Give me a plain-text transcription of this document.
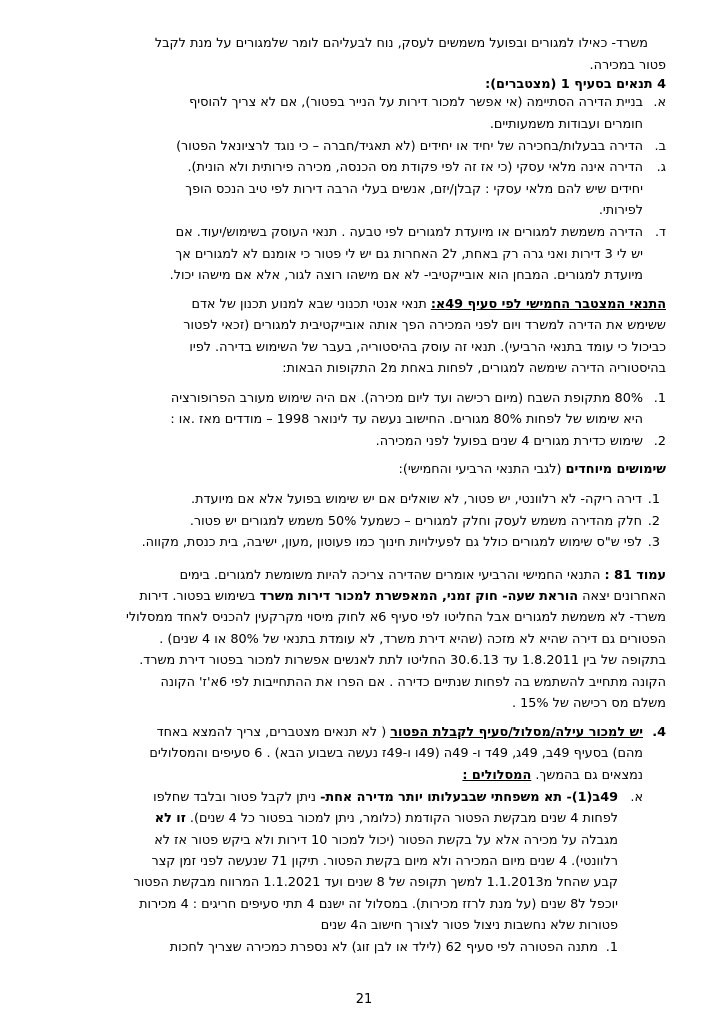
משרד- כאילו למגורים ובפועל משמשים לעסק, נוח לבעליהם לומר שלמגורים על מנת לקבל
פטור במכירה.
4 תנאים בסעיף 1 (מצטברים):
א.
בניית הדירה הסתיימה (אי אפשר למכור דירות על הנייר בפטור), אם לא צריך להוסיף
חומרים ועבודות משמעותיים.
ב.
הדירה בבעלות/בחכירה של יחיד או יחידים (לא תאגיד/חברה – כי נוגד לרציונאל הפטור)
ג.
הדירה אינה מלאי עסקי (כי אז זה לפי פקודת מס הכנסה, מכירה פירותית ולא הונית).
יחידים שיש להם מלאי עסקי : קבלן/יזם, אנשים בעלי הרבה דירות לפי טיב הנכס הופך
לפירותי.
ד.
הדירה משמשת למגורים או מיועדת למגורים לפי טבעה . תנאי העוסק בשימוש/יעוד. אם
יש לי 3 דירות ואני גרה רק באחת, ל2 האחרות גם יש לי פטור כי אומנם לא למגורים אך
מיועדת למגורים. המבחן הוא אובייקטיבי- לא אם מישהו רוצה לגור, אלא אם מישהו יכול.
התנאי המצטבר החמישי לפי סעיף 49א: תנאי אנטי תכנוני שבא למנוע תכנון של אדם
ששימש את הדירה למשרד ויום לפני המכירה הפך אותה אובייקטיבית למגורים (זכאי לפטור
כביכול כי עומד בתנאי הרביעי). תנאי זה עוסק בהיסטוריה, בעבר של השימוש בדירה. לפיו
בהיסטוריה הדירה שימשה למגורים, לפחות באחת מ2 התקופות הבאות:
1.
80% מתקופת השבח (מיום רכישה ועד ליום מכירה). אם היה שימוש מעורב הפרופורציה
היא שימוש של לפחות 80% מגורים. החישוב נעשה עד לינואר 1998 – מודדים מאז .או :
2.
שימוש כדירת מגורים 4 שנים בפועל לפני המכירה.
שימושים מיוחדים (לגבי התנאי הרביעי והחמישי):
1.
דירה ריקה- לא רלוונטי, יש פטור, לא שואלים אם יש שימוש בפועל אלא אם מיועדת.
2.
חלק מהדירה משמש לעסק וחלק למגורים – כשמעל 50% משמש למגורים יש פטור.
3.
לפי ש"ס שימוש למגורים כולל גם לפעילויות חינוך כמו פעוטון ,מעון, ישיבה, בית כנסת, מקווה.
עמוד 81 : התנאי החמישי והרביעי אומרים שהדירה צריכה להיות משומשת למגורים. בימים
האחרונים יצאה הוראת שעה- חוק זמני, המאפשרת למכור דירות משרד בשימוש בפטור. דירות
משרד- לא משמשת למגורים אבל החליטו לפי סעיף 6א לחוק מיסוי מקרקעין להכניס לאחד ממסלולי
הפטורים גם דירה שהיא לא מזכה (שהיא דירת משרד, לא עומדת בתנאי של 80% או 4 שנים) .
בתקופה של בין 1.8.2011 עד 30.6.13 החליטו לתת לאנשים אפשרות למכור בפטור דירת משרד.
הקונה מתחייב להשתמש בה לפחות שנתיים כדירה . אם הפרו את ההתחייבות לפי 6א'ז' הקונה
משלם מס רכישה של 15% .
4.
יש למכור עילה/מסלול/סעיף לקבלת הפטור ( לא תנאים מצטברים, צריך להמצא באחד
מהם) בסעיף 49ב, 49ג, 49ד ו- 49ה (49ו ו-49ז נעשה בשבוע הבא) . 6 סעיפים והמסלולים
נמצאים גם בהמשך. המסלולים :
א.
49ב(1)- תא משפחתי שבבעלותו יותר מדירה אחת- ניתן לקבל פטור ובלבד שחלפו
לפחות 4 שנים מבקשת הפטור הקודמת (כלומר, ניתן למכור בפטור כל 4 שנים). זו לא
מגבלה על מכירה אלא על בקשת הפטור (יכול למכור 10 דירות ולא ביקש פטור אז לא
רלוונטי). 4 שנים מיום המכירה ולא מיום בקשת הפטור. תיקון 71 שנעשה לפני זמן קצר
קבע שהחל מ1.1.2013 למשך תקופה של 8 שנים ועד 1.1.2021 המרווח מבקשת הפטור
יוכפל ל8 שנים (על מנת לרזז מכירות). במסלול זה ישנם 4 תתי סעיפים חריגים : 4 מכירות
פטורות שלא נחשבות ניצול פטור לצורך חישוב ה4 שנים
1.
מתנה הפטורה לפי סעיף 62 (לילד או לבן זוג) לא נספרת כמכירה שצריך לחכות
21
